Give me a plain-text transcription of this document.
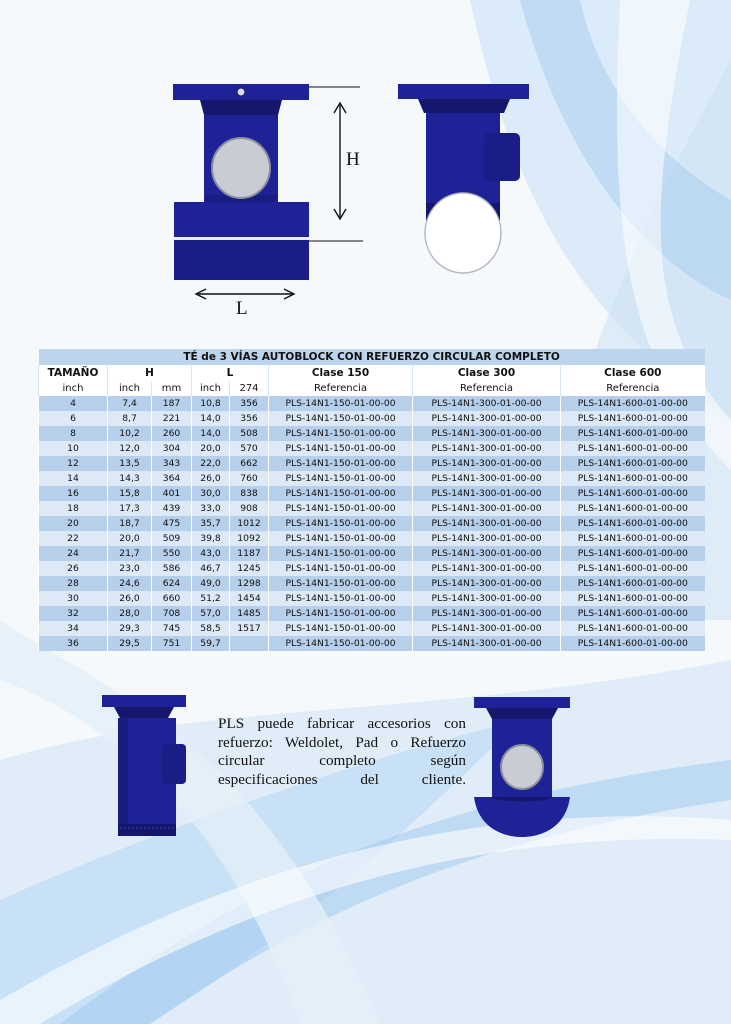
H
L
TÉ de 3 VÍAS AUTOBLOCK CON REFUERZO CIRCULAR COMPLETO							
TAMAÑO	H		L		Clase 150	Clase 300	Clase 600
inch	inch	mm	inch	274	Referencia	Referencia	Referencia
4	7,4	187	10,8	356	PLS-14N1-150-01-00-00	PLS-14N1-300-01-00-00	PLS-14N1-600-01-00-00
6	8,7	221	14,0	356	PLS-14N1-150-01-00-00	PLS-14N1-300-01-00-00	PLS-14N1-600-01-00-00
8	10,2	260	14,0	508	PLS-14N1-150-01-00-00	PLS-14N1-300-01-00-00	PLS-14N1-600-01-00-00
10	12,0	304	20,0	570	PLS-14N1-150-01-00-00	PLS-14N1-300-01-00-00	PLS-14N1-600-01-00-00
12	13,5	343	22,0	662	PLS-14N1-150-01-00-00	PLS-14N1-300-01-00-00	PLS-14N1-600-01-00-00
14	14,3	364	26,0	760	PLS-14N1-150-01-00-00	PLS-14N1-300-01-00-00	PLS-14N1-600-01-00-00
16	15,8	401	30,0	838	PLS-14N1-150-01-00-00	PLS-14N1-300-01-00-00	PLS-14N1-600-01-00-00
18	17,3	439	33,0	908	PLS-14N1-150-01-00-00	PLS-14N1-300-01-00-00	PLS-14N1-600-01-00-00
20	18,7	475	35,7	1012	PLS-14N1-150-01-00-00	PLS-14N1-300-01-00-00	PLS-14N1-600-01-00-00
22	20,0	509	39,8	1092	PLS-14N1-150-01-00-00	PLS-14N1-300-01-00-00	PLS-14N1-600-01-00-00
24	21,7	550	43,0	1187	PLS-14N1-150-01-00-00	PLS-14N1-300-01-00-00	PLS-14N1-600-01-00-00
26	23,0	586	46,7	1245	PLS-14N1-150-01-00-00	PLS-14N1-300-01-00-00	PLS-14N1-600-01-00-00
28	24,6	624	49,0	1298	PLS-14N1-150-01-00-00	PLS-14N1-300-01-00-00	PLS-14N1-600-01-00-00
30	26,0	660	51,2	1454	PLS-14N1-150-01-00-00	PLS-14N1-300-01-00-00	PLS-14N1-600-01-00-00
32	28,0	708	57,0	1485	PLS-14N1-150-01-00-00	PLS-14N1-300-01-00-00	PLS-14N1-600-01-00-00
34	29,3	745	58,5	1517	PLS-14N1-150-01-00-00	PLS-14N1-300-01-00-00	PLS-14N1-600-01-00-00
36	29,5	751	59,7		PLS-14N1-150-01-00-00	PLS-14N1-300-01-00-00	PLS-14N1-600-01-00-00

PLS puede fabricar accesorios con refuerzo: Weldolet, Pad o Refuerzo circular completo según especificaciones del cliente.
